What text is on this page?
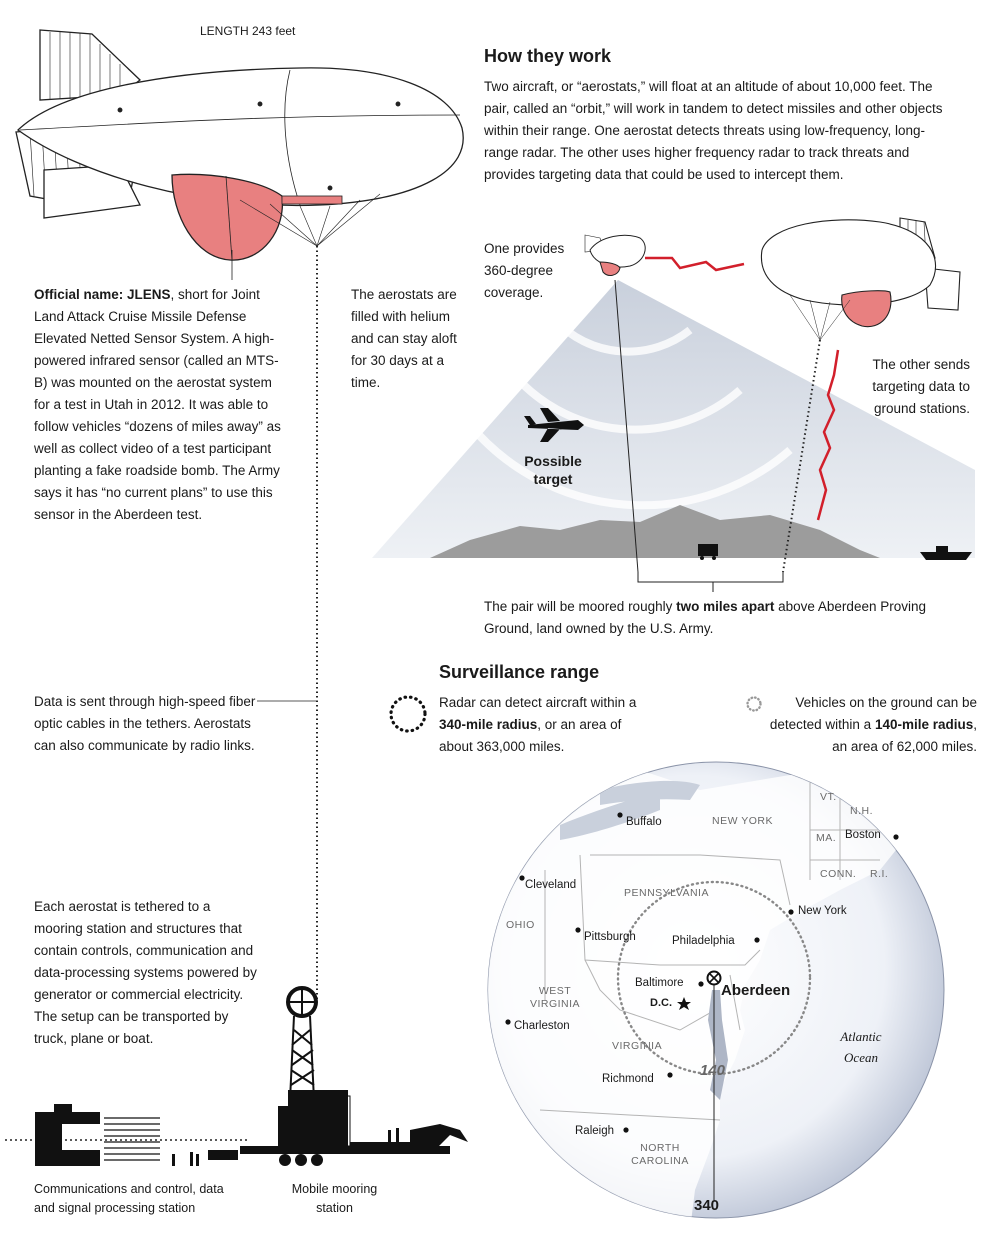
LENGTH 243 feet
How they work
Two aircraft, or “aerostats,” will float at an altitude of about 10,000 feet. The pair, called an “orbit,” will work in tandem to detect missiles and other objects within their range. One aerostat detects threats using low-frequency, long-range radar. The other uses higher frequency radar to track threats and provides targeting data that could be used to intercept them.
One provides 360-degree coverage.
The other sends targeting data to ground stations.
Possible target
The pair will be moored roughly two miles apart above Aberdeen Proving Ground, land owned by the U.S. Army.
Official name: JLENS, short for Joint Land Attack Cruise Missile Defense Elevated Netted Sensor System. A high-powered infrared sensor (called an MTS-B) was mounted on the aerostat system for a test in Utah in 2012. It was able to follow vehicles “dozens of miles away” as well as collect video of a test participant planting a fake roadside bomb. The Army says it has “no current plans” to use this sensor in the Aberdeen test.
The aerostats are filled with helium and can stay aloft for 30 days at a time.
Data is sent through high-speed fiber optic cables in the tethers. Aerostats can also communicate by radio links.
Each aerostat is tethered to a mooring station and structures that contain controls, communication and data-processing systems powered by generator or commercial electricity. The setup can be transported by truck, plane or boat.
Communications and control, data and signal processing station
Mobile mooring station
Surveillance range
Radar can detect aircraft within a 340-mile radius, or an area of about 363,000 miles.
Vehicles on the ground can be detected within a 140-mile radius, an area of 62,000 miles.
NEW YORK
VT.
N.H.
MA.
CONN. R.I.
PENNSYLVANIA
OHIO
WEST VIRGINIA
VIRGINIA
NORTH CAROLINA
Buffalo
Boston
Cleveland
New York
Pittsburgh	Philadelphia
Baltimore
D.C.
Aberdeen
Charleston
Richmond
Raleigh
Atlantic Ocean
140
340
